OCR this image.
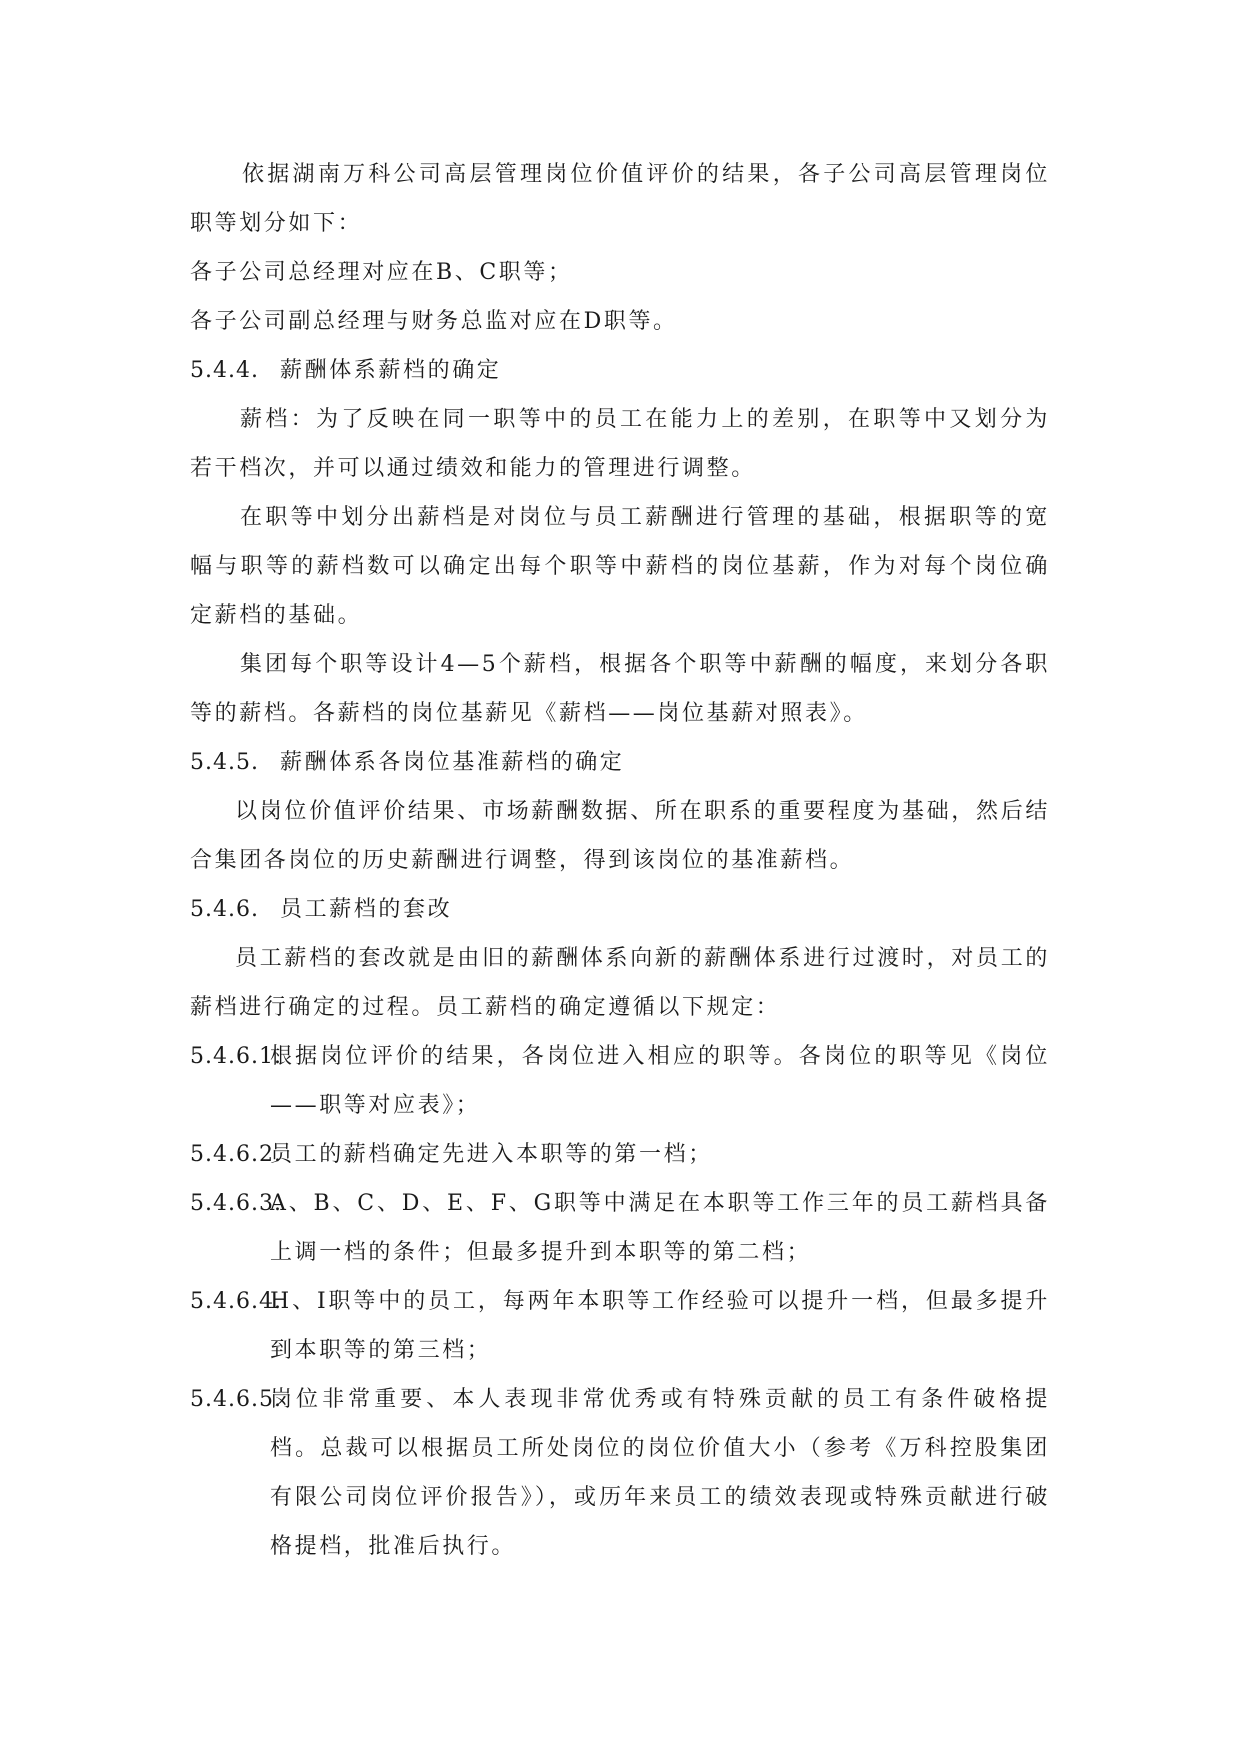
依据湖南万科公司高层管理岗位价值评价的结果，各子公司高层管理岗位职等划分如下：

各子公司总经理对应在B、C职等；

各子公司副总经理与财务总监对应在D职等。

5.4.4. 薪酬体系薪档的确定

薪档：为了反映在同一职等中的员工在能力上的差别，在职等中又划分为若干档次，并可以通过绩效和能力的管理进行调整。

在职等中划分出薪档是对岗位与员工薪酬进行管理的基础，根据职等的宽幅与职等的薪档数可以确定出每个职等中薪档的岗位基薪，作为对每个岗位确定薪档的基础。

集团每个职等设计4—5个薪档，根据各个职等中薪酬的幅度，来划分各职等的薪档。各薪档的岗位基薪见《薪档——岗位基薪对照表》。

5.4.5. 薪酬体系各岗位基准薪档的确定

以岗位价值评价结果、市场薪酬数据、所在职系的重要程度为基础，然后结合集团各岗位的历史薪酬进行调整，得到该岗位的基准薪档。

5.4.6. 员工薪档的套改

员工薪档的套改就是由旧的薪酬体系向新的薪酬体系进行过渡时，对员工的薪档进行确定的过程。员工薪档的确定遵循以下规定：

5.4.6.1.
根据岗位评价的结果，各岗位进入相应的职等。各岗位的职等见《岗位——职等对应表》；
5.4.6.2.
员工的薪档确定先进入本职等的第一档；
5.4.6.3.
A、B、C、D、E、F、G职等中满足在本职等工作三年的员工薪档具备上调一档的条件；但最多提升到本职等的第二档；
5.4.6.4.
H、I职等中的员工，每两年本职等工作经验可以提升一档，但最多提升到本职等的第三档；
5.4.6.5.
岗位非常重要、本人表现非常优秀或有特殊贡献的员工有条件破格提档。总裁可以根据员工所处岗位的岗位价值大小（参考《万科控股集团有限公司岗位评价报告》），或历年来员工的绩效表现或特殊贡献进行破格提档，批准后执行。
